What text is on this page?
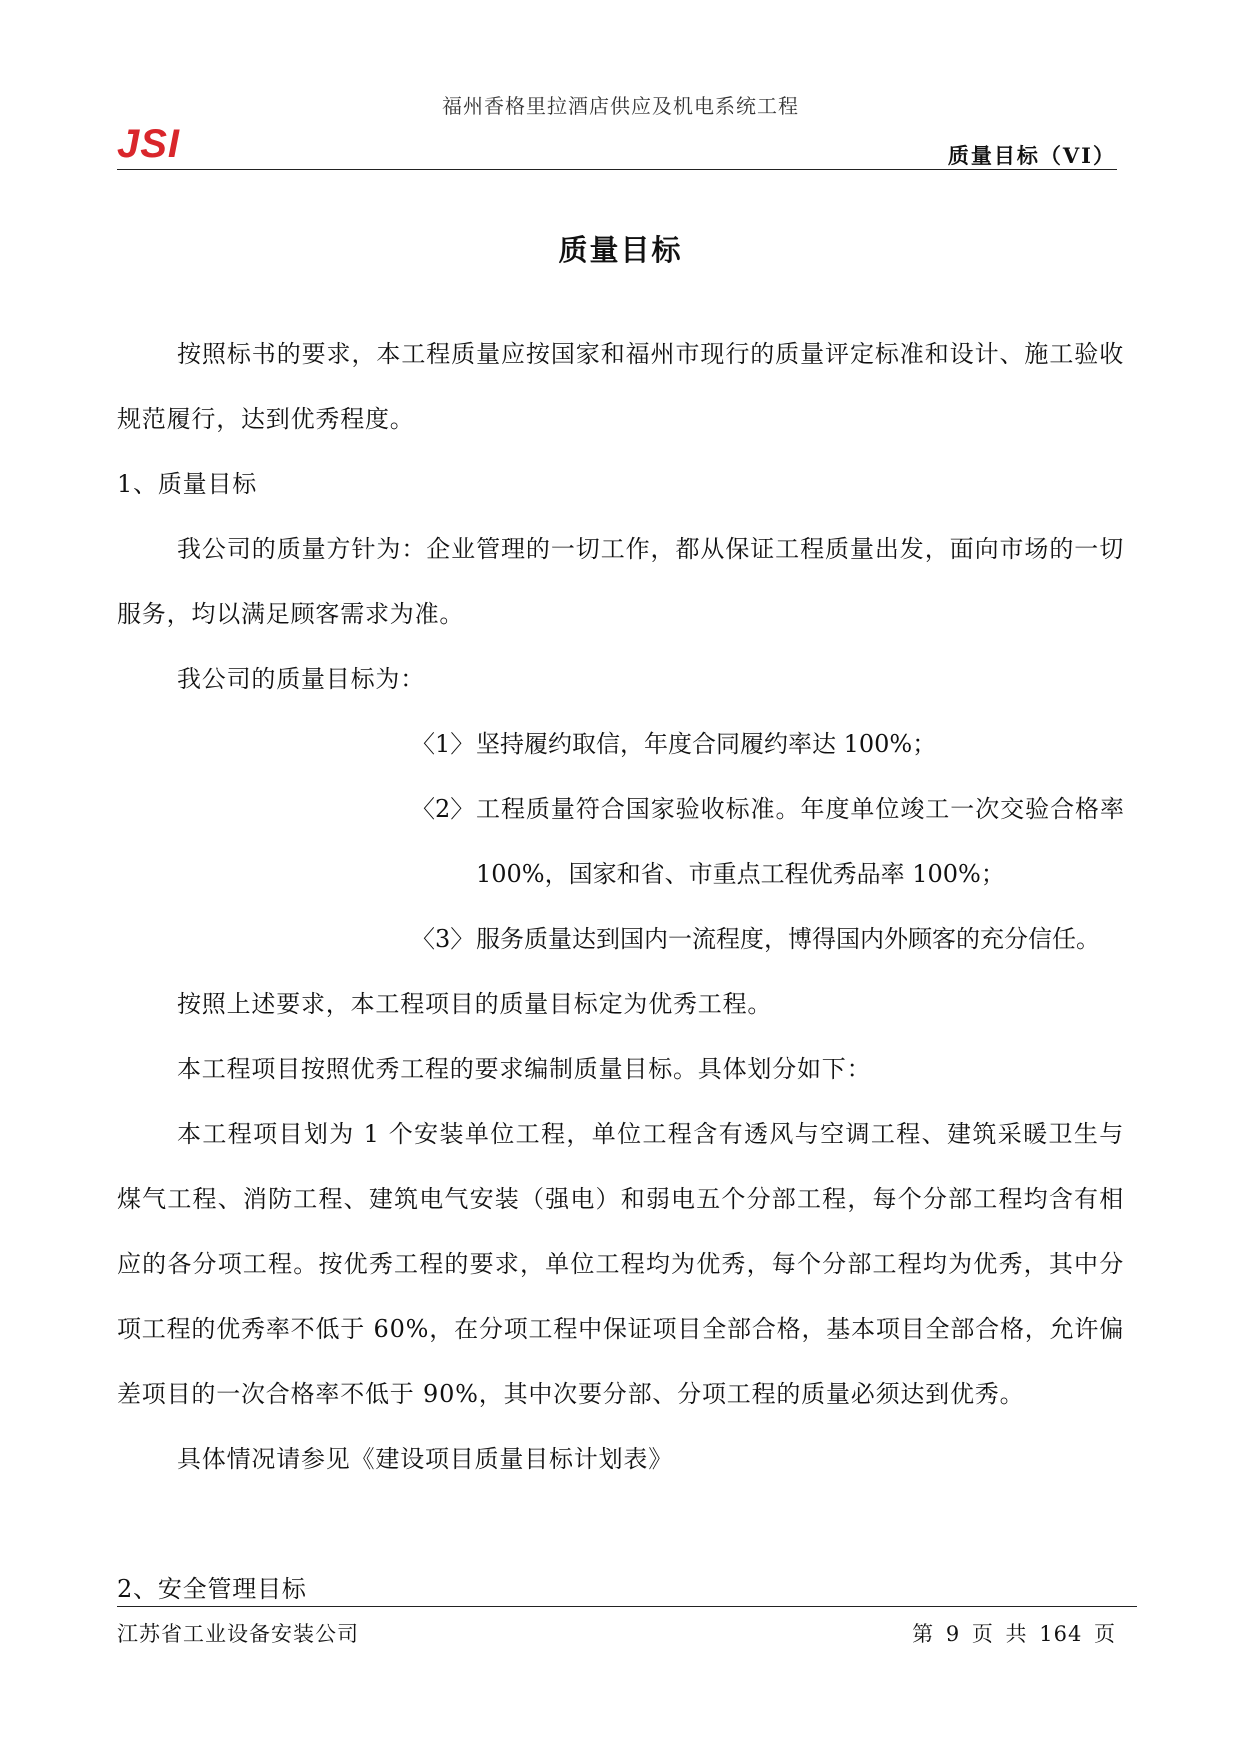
福州香格里拉酒店供应及机电系统工程
JSI	质量目标（VI）
质量目标

按照标书的要求，本工程质量应按国家和福州市现行的质量评定标准和设计、施工验收规范履行，达到优秀程度。

1、质量目标

我公司的质量方针为：企业管理的一切工作，都从保证工程质量出发，面向市场的一切服务，均以满足顾客需求为准。

我公司的质量目标为：

〈1〉 坚持履约取信，年度合同履约率达 100%；
〈2〉 工程质量符合国家验收标准。年度单位竣工一次交验合格率 100%，国家和省、市重点工程优秀品率 100%；
〈3〉 服务质量达到国内一流程度，博得国内外顾客的充分信任。

按照上述要求，本工程项目的质量目标定为优秀工程。

本工程项目按照优秀工程的要求编制质量目标。具体划分如下：

本工程项目划为 1 个安装单位工程，单位工程含有透风与空调工程、建筑采暖卫生与煤气工程、消防工程、建筑电气安装（强电）和弱电五个分部工程，每个分部工程均含有相应的各分项工程。按优秀工程的要求，单位工程均为优秀，每个分部工程均为优秀，其中分项工程的优秀率不低于 60%，在分项工程中保证项目全部合格，基本项目全部合格，允许偏差项目的一次合格率不低于 90%，其中次要分部、分项工程的质量必须达到优秀。

具体情况请参见《建设项目质量目标计划表》

2、安全管理目标

江苏省工业设备安装公司	第 9 页 共 164 页
